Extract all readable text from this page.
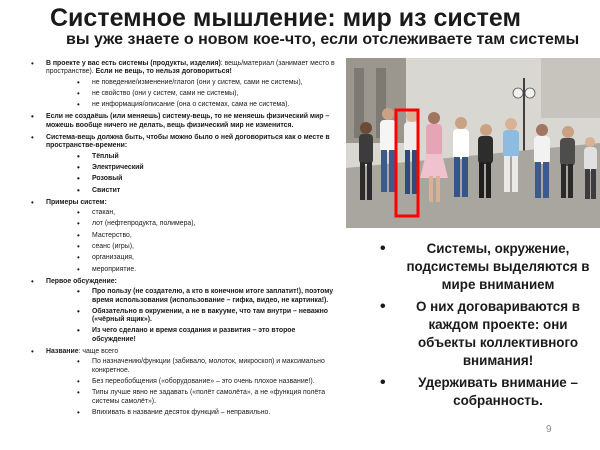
Системное мышление: мир из систем
вы уже знаете о новом кое-что, если отслеживаете там системы
• В проекте у вас есть системы (продукты, изделия): вещь/материал (занимает место в пространстве). Если не вещь, то нельзя договориться!
• не поведение/изменение/глагол (они у систем, сами не системы),
• не свойство (они у систем, сами не системы),
• не информация/описание (она о системах, сама не система).
• Если не создаёшь (или меняешь) систему-вещь, то не меняешь физический мир – можешь вообще ничего не делать, вещь физический мир не изменится.
• Система-вещь должна быть, чтобы можно было о ней договориться как о месте в пространстве-времени:
• Тёплый
• Электрический
• Розовый
• Свистит
• Примеры систем:
• стакан,
• лот (нефтепродукта, полимера),
• Мастерство,
• сеанс (игры),
• организация,
• мероприятие.
• Первое обсуждение:
• Про пользу (не создателю, а кто в конечном итоге заплатит!), поэтому время использования (использование – гифка, видео, не картинка!).
• Обязательно в окружении, а не в вакууме, что там внутри – неважно («чёрный ящик»).
• Из чего сделано и время создания и развития – это второе обсуждение!
• Название: чаще всего
• По назначению/функции (забивало, молоток, микроскоп) и максимально конкретное.
• Без переобобщения («оборудование» – это очень плохое название!).
• Типы лучше явно не задавать («полёт самолёта», а не «функция полёта системы самолёт»).
• Впихивать в название десяток функций – неправильно.
• Системы, окружение, подсистемы выделяются в мире вниманием
• О них договариваются в каждом проекте: они объекты коллективного внимания!
• Удерживать внимание – собранность.
9
